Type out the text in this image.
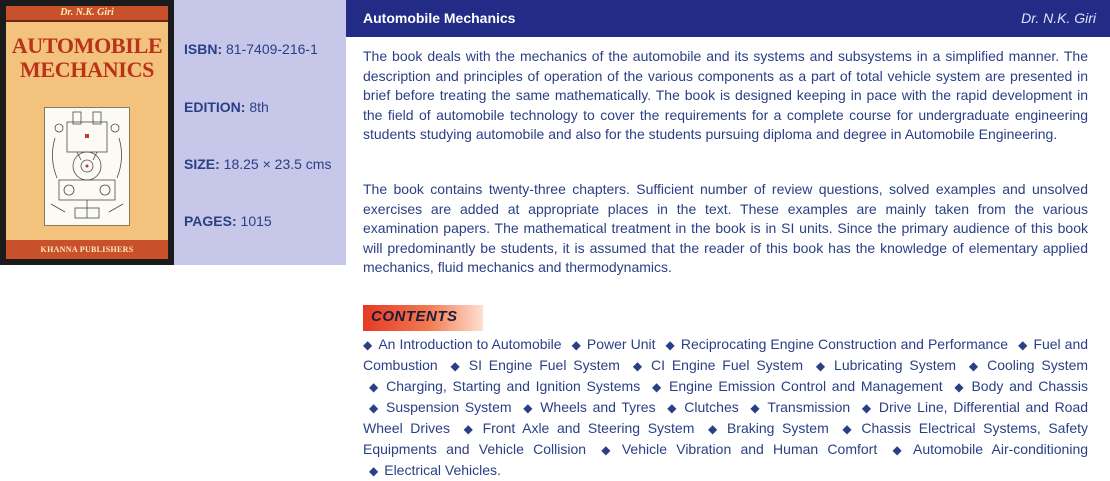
Dr. N.K. Giri
AUTOMOBILE
MECHANICS
KHANNA PUBLISHERS
ISBN: 81-7409-216-1
EDITION: 8th
SIZE: 18.25 × 23.5 cms
PAGES: 1015
Automobile Mechanics	Dr. N.K. Giri

The book deals with the mechanics of the automobile and its systems and subsystems in a simplified manner. The description and principles of operation of the various components as a part of total vehicle system are presented in brief before treating the same mathematically. The book is designed keeping in pace with the rapid development in the field of automobile technology to cover the requirements for a complete course for undergraduate engineering students studying automobile and also for the students pursuing diploma and degree in Automobile Engineering.

The book contains twenty-three chapters. Sufficient number of review questions, solved examples and unsolved exercises are added at appropriate places in the text. These examples are mainly taken from the various examination papers. The mathematical treatment in the book is in SI units. Since the primary audience of this book will predominantly be students, it is assumed that the reader of this book has the knowledge of elementary applied mechanics, fluid mechanics and thermodynamics.

CONTENTS

◆ An Introduction to Automobile ◆ Power Unit ◆ Reciprocating Engine Construction and Performance ◆ Fuel and Combustion ◆ SI Engine Fuel System ◆ CI Engine Fuel System ◆ Lubricating System ◆ Cooling System ◆ Charging, Starting and Ignition Systems ◆ Engine Emission Control and Management ◆ Body and Chassis ◆ Suspension System ◆ Wheels and Tyres ◆ Clutches ◆ Transmission ◆ Drive Line, Differential and Road Wheel Drives ◆ Front Axle and Steering System ◆ Braking System ◆ Chassis Electrical Systems, Safety Equipments and Vehicle Collision ◆ Vehicle Vibration and Human Comfort ◆ Automobile Air-conditioning ◆ Electrical Vehicles.
